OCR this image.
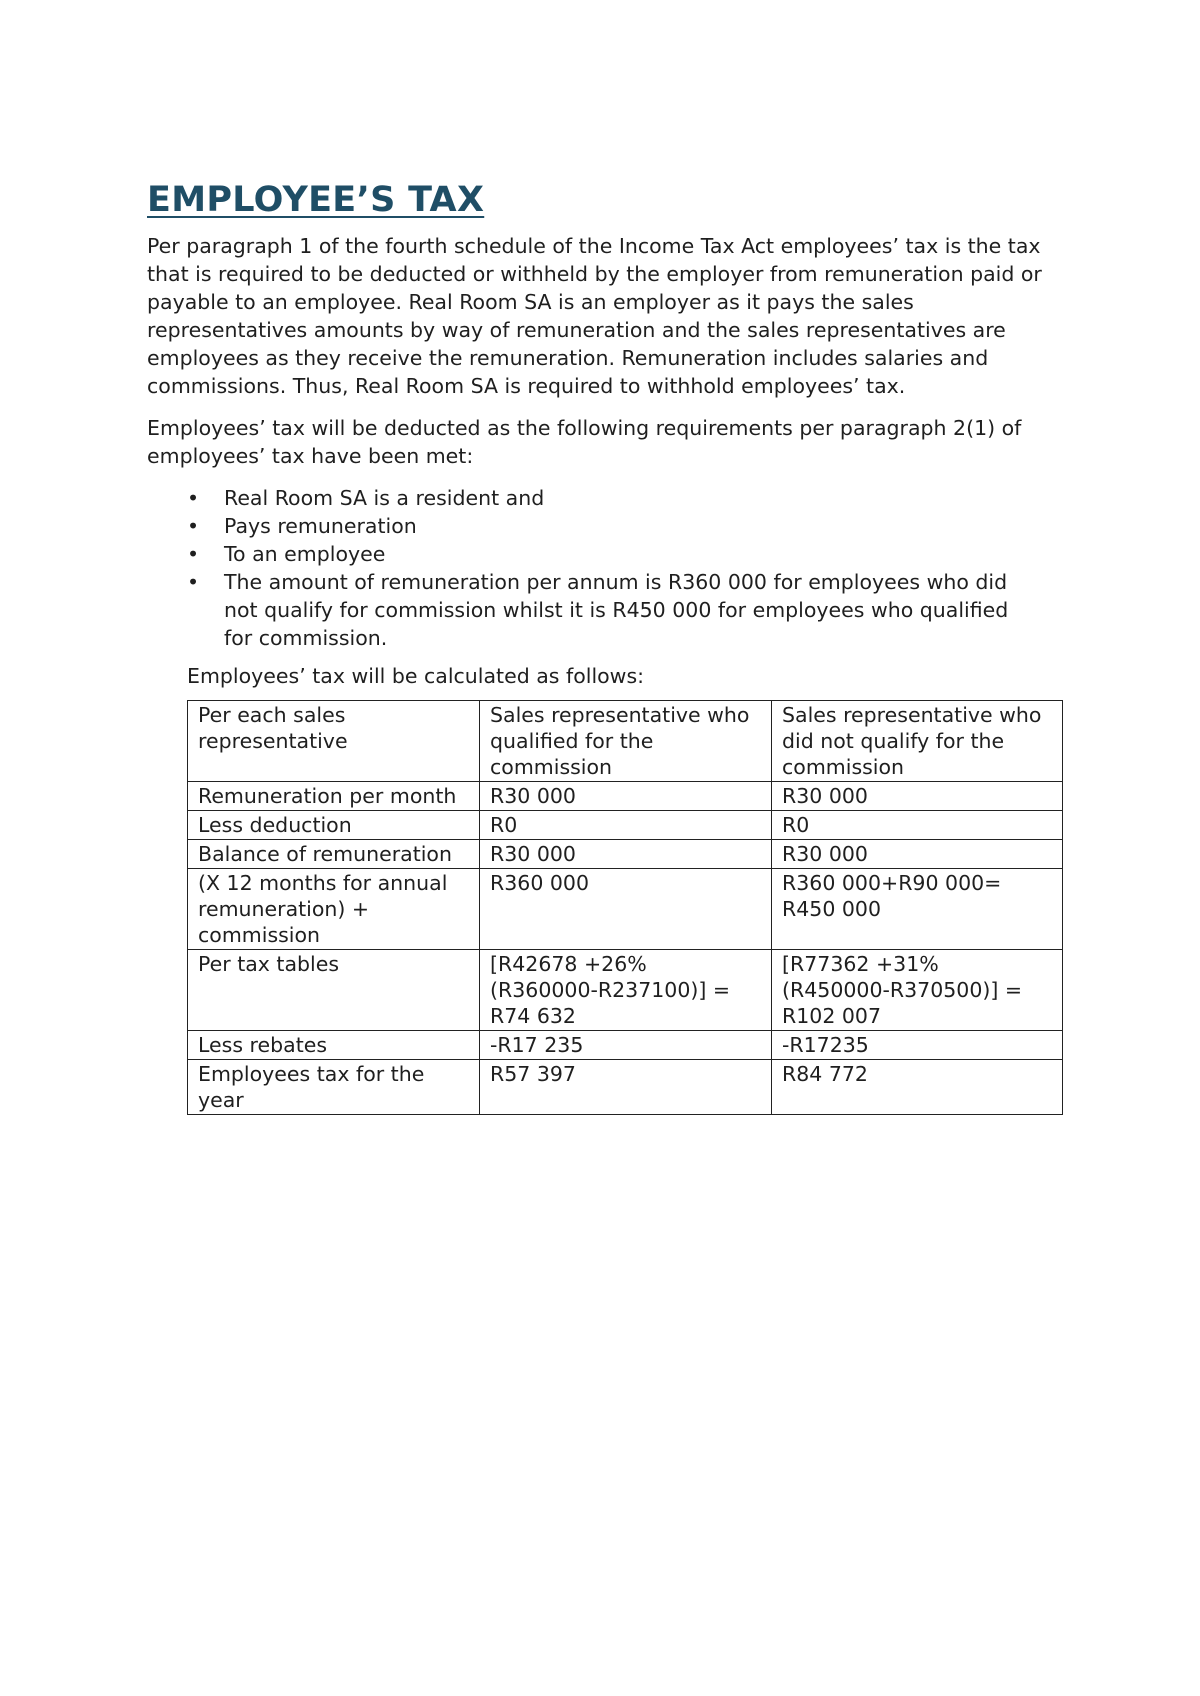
EMPLOYEE’S TAX

Per paragraph 1 of the fourth schedule of the Income Tax Act employees’ tax is the tax that is required to be deducted or withheld by the employer from remuneration paid or payable to an employee. Real Room SA is an employer as it pays the sales representatives amounts by way of remuneration and the sales representatives are employees as they receive the remuneration. Remuneration includes salaries and commissions. Thus, Real Room SA is required to withhold employees’ tax.

Employees’ tax will be deducted as the following requirements per paragraph 2(1) of employees’ tax have been met:

• Real Room SA is a resident and
• Pays remuneration
• To an employee
• The amount of remuneration per annum is R360 000 for employees who did not qualify for commission whilst it is R450 000 for employees who qualified for commission.

Employees’ tax will be calculated as follows:

Per each sales representative	Sales representative who qualified for the commission	Sales representative who did not qualify for the commission
Remuneration per month	R30 000	R30 000
Less deduction	R0	R0
Balance of remuneration	R30 000	R30 000
(X 12 months for annual remuneration) + commission	R360 000	R360 000+R90 000= R450 000
Per tax tables	[R42678 +26% (R360000-R237100)] = R74 632	[R77362 +31% (R450000-R370500)] = R102 007
Less rebates	-R17 235	-R17235
Employees tax for the year	R57 397	R84 772
